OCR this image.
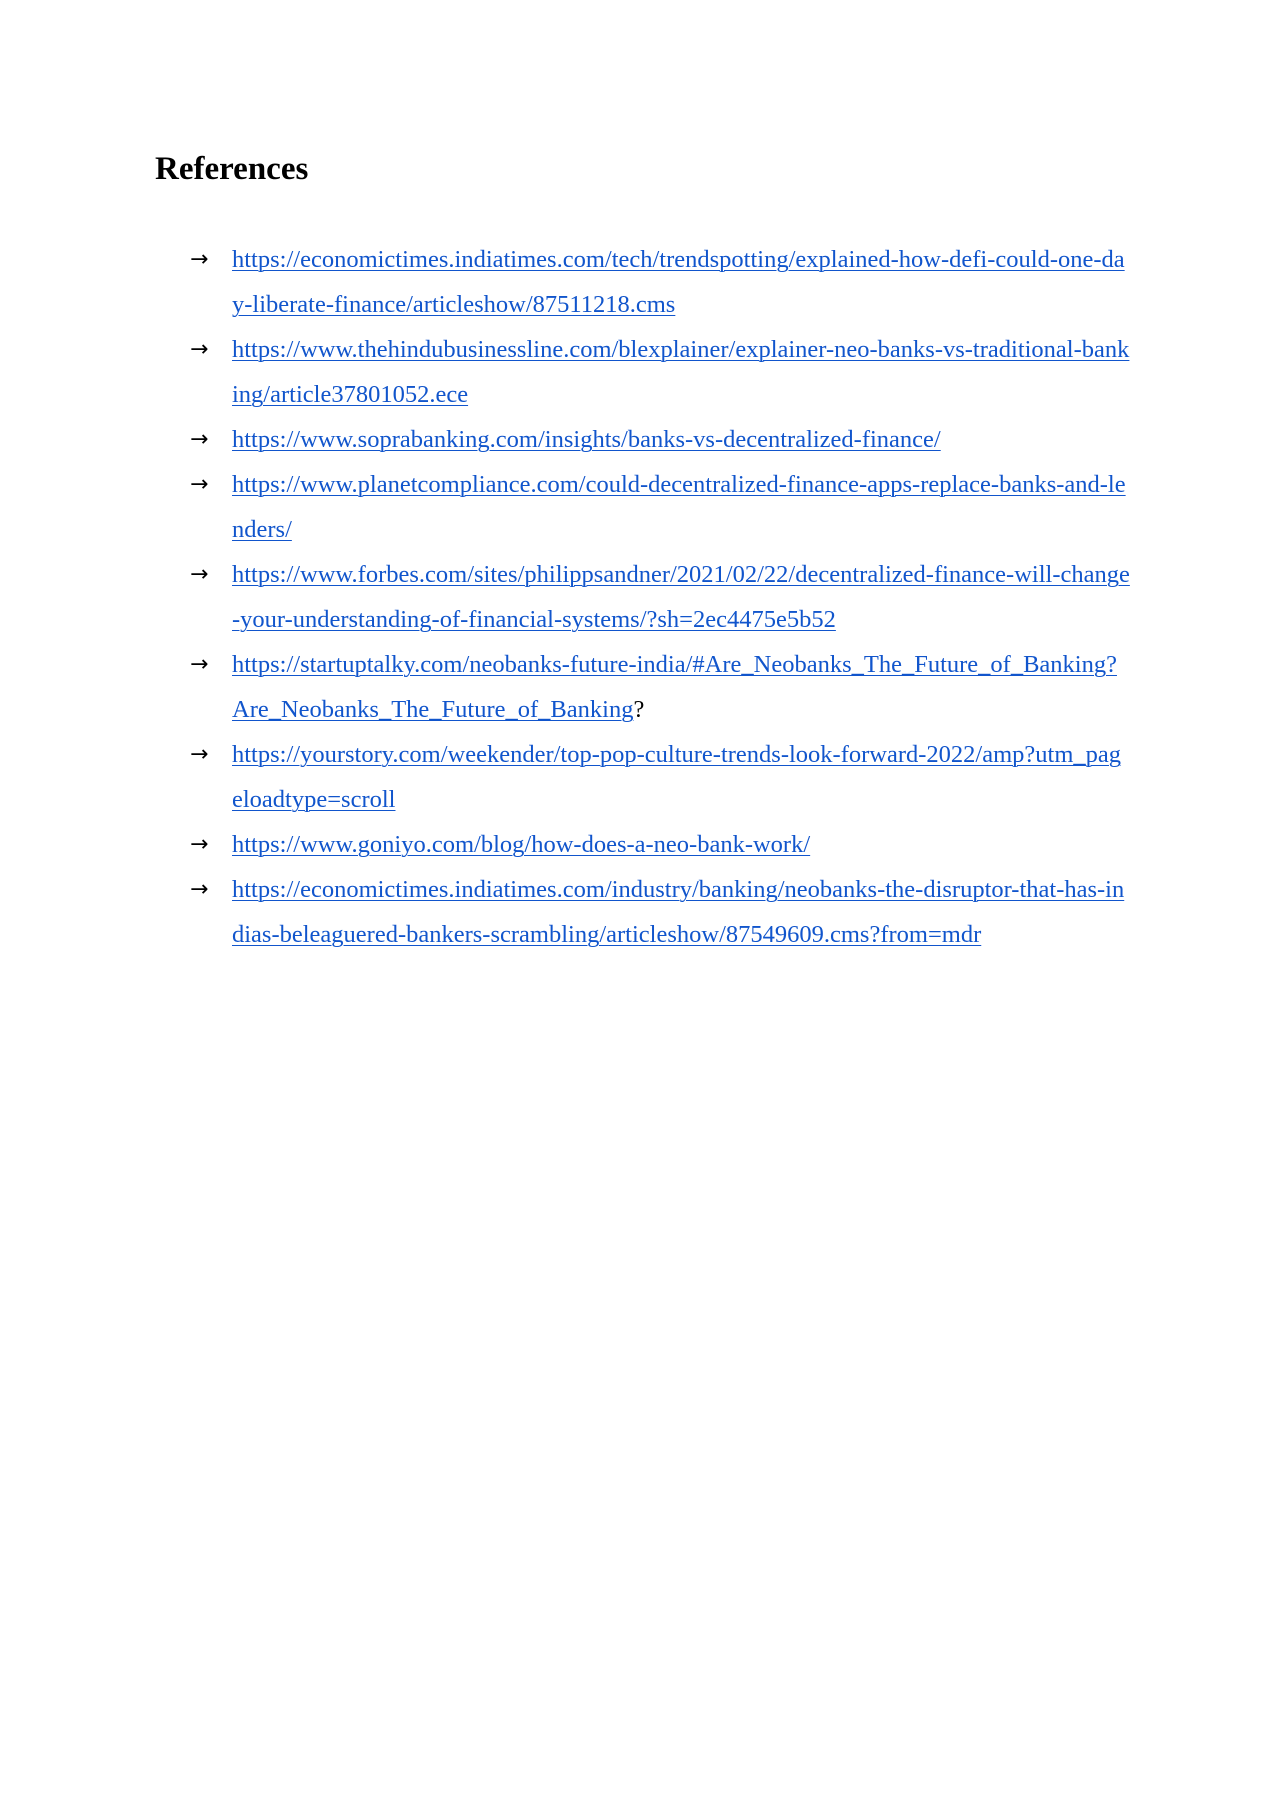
References
→ https://economictimes.indiatimes.com/tech/trendspotting/explained-how-defi-could-one-day-liberate-finance/articleshow/87511218.cms
→ https://www.thehindubusinessline.com/blexplainer/explainer-neo-banks-vs-traditional-banking/article37801052.ece
→ https://www.soprabanking.com/insights/banks-vs-decentralized-finance/
→ https://www.planetcompliance.com/could-decentralized-finance-apps-replace-banks-and-lenders/
→ https://www.forbes.com/sites/philippsandner/2021/02/22/decentralized-finance-will-change-your-understanding-of-financial-systems/?sh=2ec4475e5b52
→ https://startuptalky.com/neobanks-future-india/#Are_Neobanks_The_Future_of_Banking?Are_Neobanks_The_Future_of_Banking?
→ https://yourstory.com/weekender/top-pop-culture-trends-look-forward-2022/amp?utm_pageloadtype=scroll
→ https://www.goniyo.com/blog/how-does-a-neo-bank-work/
→ https://economictimes.indiatimes.com/industry/banking/neobanks-the-disruptor-that-has-indias-beleaguered-bankers-scrambling/articleshow/87549609.cms?from=mdr
